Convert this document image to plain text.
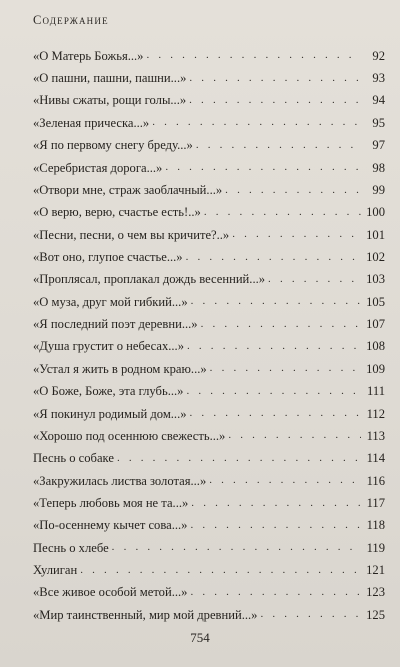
Содержание
«О Матерь Божья...» . . .	92
«О пашни, пашни, пашни...» . . .	93
«Нивы сжаты, рощи голы...» . . .	94
«Зеленая прическа...» . . .	95
«Я по первому снегу бреду...» . . .	97
«Серебристая дорога...» . . .	98
«Отвори мне, страж заоблачный...» . . .	99
«О верю, верю, счастье есть!..» . . .	100
«Песни, песни, о чем вы кричите?..» . . .	101
«Вот оно, глупое счастье...» . . .	102
«Проплясал, проплакал дождь весенний...» . . .	103
«О муза, друг мой гибкий...» . . .	105
«Я последний поэт деревни...» . . .	107
«Душа грустит о небесах...» . . .	108
«Устал я жить в родном краю...» . . .	109
«О Боже, Боже, эта глубь...» . . .	111
«Я покинул родимый дом...» . . .	112
«Хорошо под осеннюю свежесть...» . . .	113
Песнь о собаке . . .	114
«Закружилась листва золотая...» . . .	116
«Теперь любовь моя не та...» . . .	117
«По-осеннему кычет сова...» . . .	118
Песнь о хлебе . . .	119
Хулиган . . .	121
«Все живое особой метой...» . . .	123
«Мир таинственный, мир мой древний...» . . .	125
754
